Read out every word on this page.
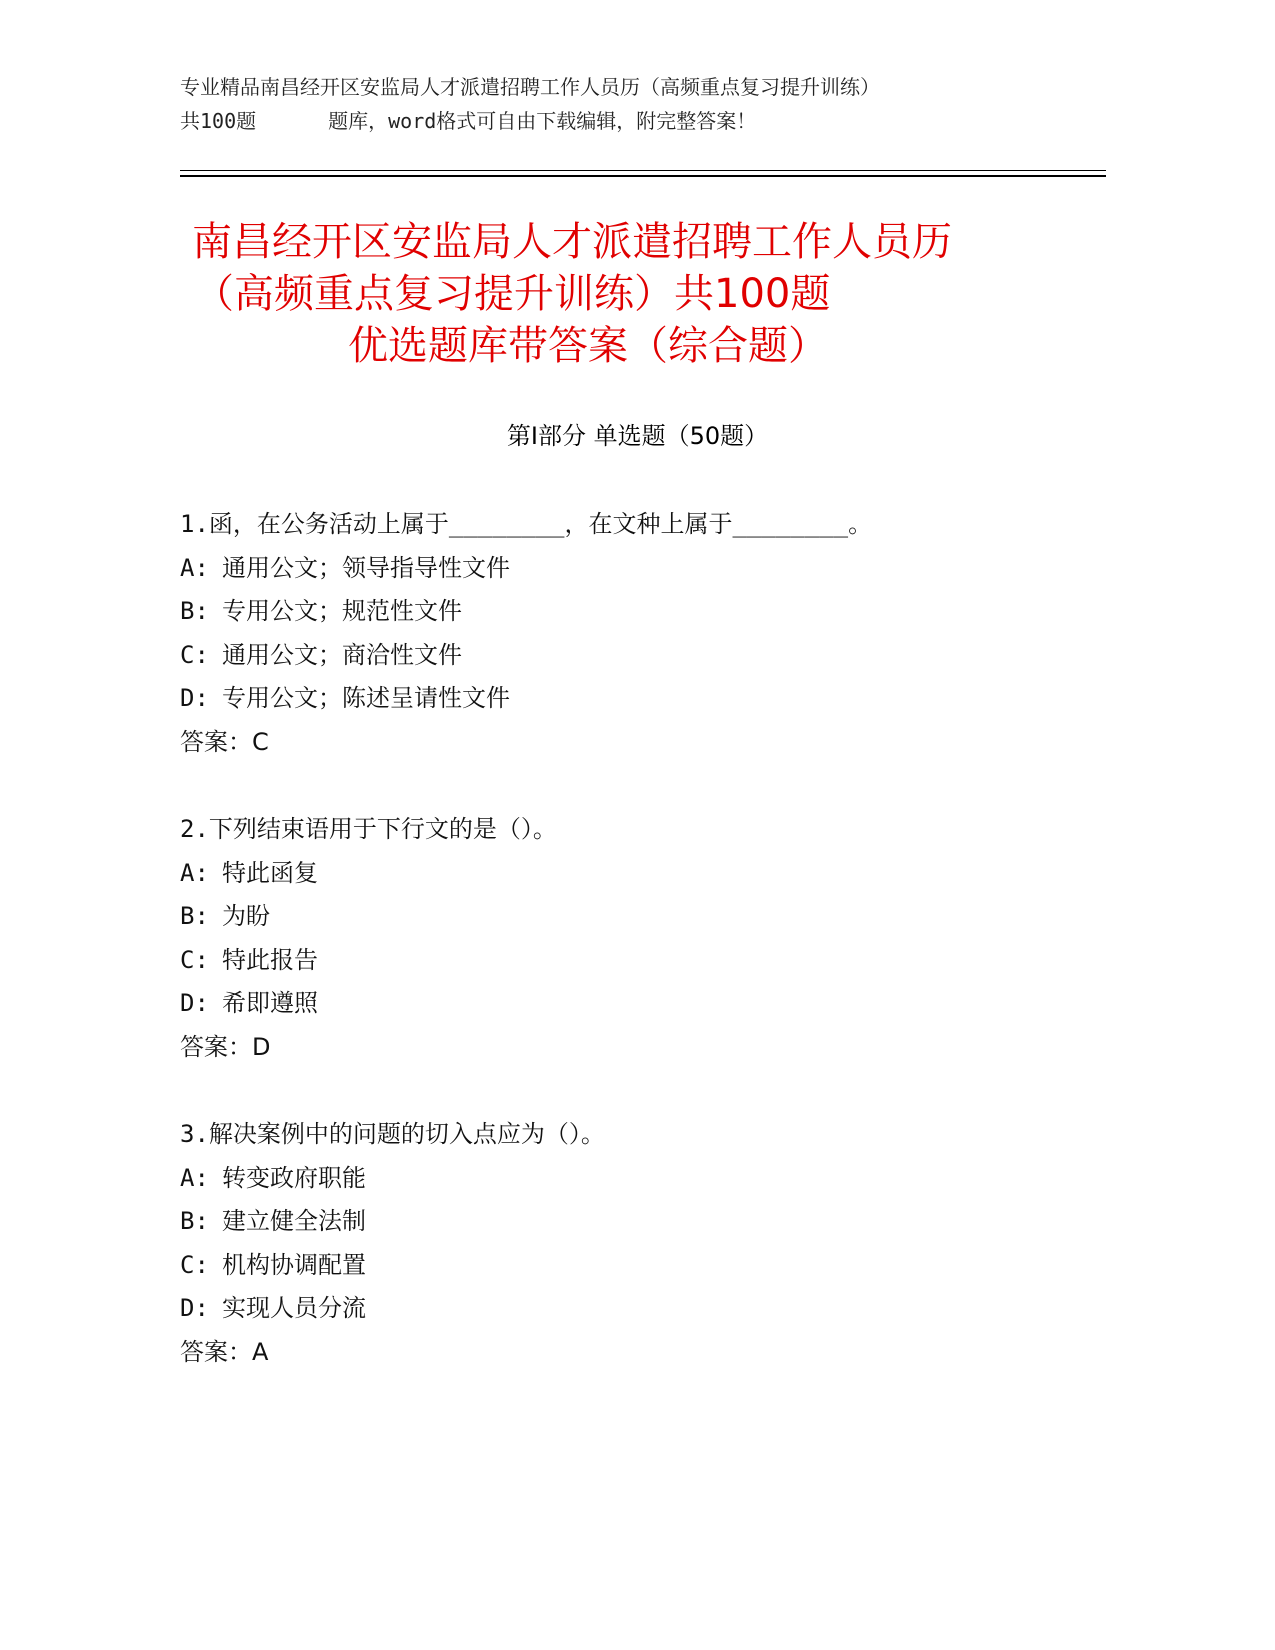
专业精品南昌经开区安监局人才派遣招聘工作人员历（高频重点复习提升训练）
共100题	题库，word格式可自由下载编辑，附完整答案！
南昌经开区安监局人才派遣招聘工作人员历
（高频重点复习提升训练）共100题
优选题库带答案（综合题）
第Ⅰ部分 单选题（50题）
1.函，在公务活动上属于________，在文种上属于________。
A: 通用公文；领导指导性文件
B: 专用公文；规范性文件
C: 通用公文；商洽性文件
D: 专用公文；陈述呈请性文件
答案：C
2.下列结束语用于下行文的是（）。
A: 特此函复
B: 为盼
C: 特此报告
D: 希即遵照
答案：D
3.解决案例中的问题的切入点应为（）。
A: 转变政府职能
B: 建立健全法制
C: 机构协调配置
D: 实现人员分流
答案：A
